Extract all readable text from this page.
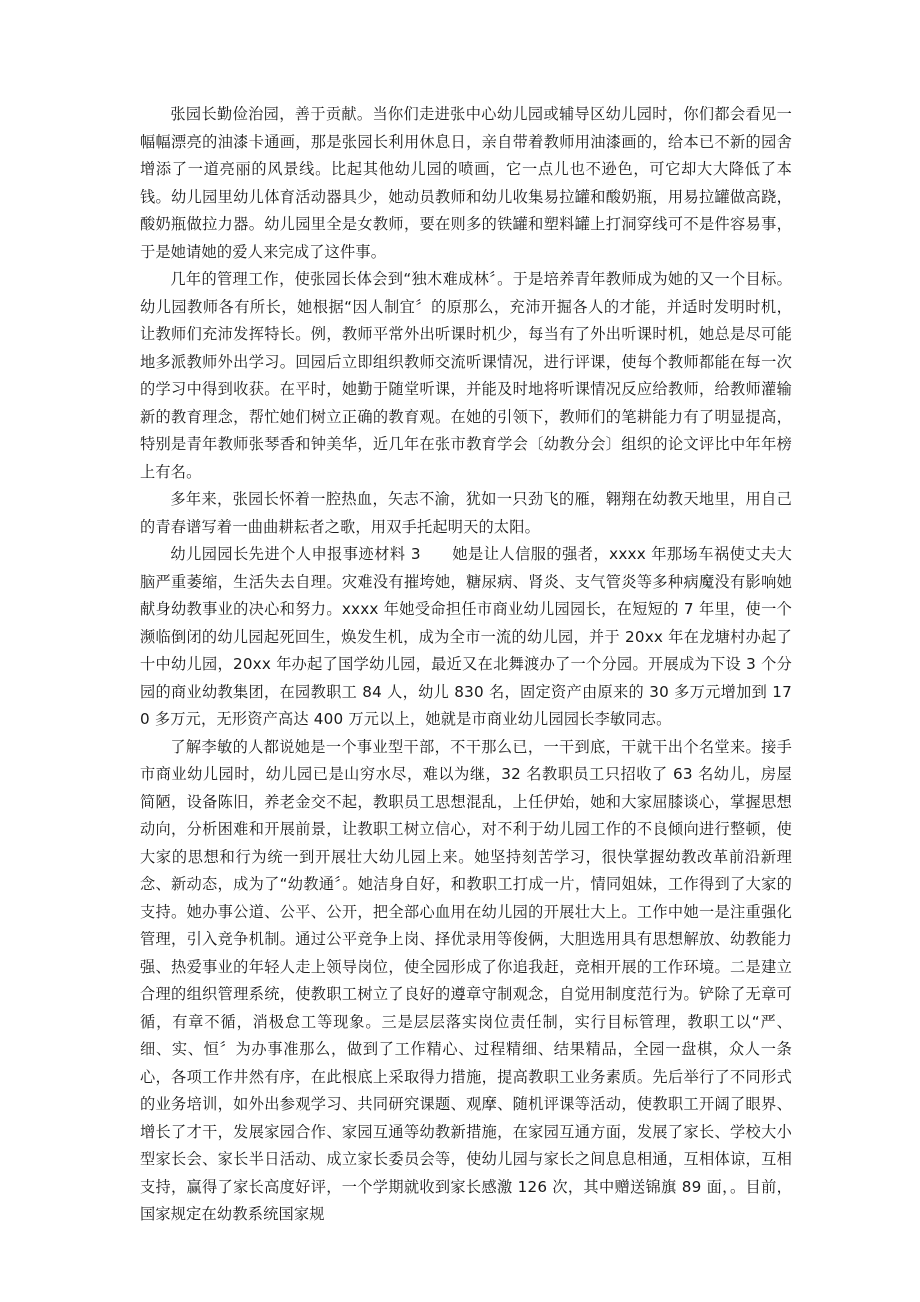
张园长勤俭治园，善于贡献。当你们走进张中心幼儿园或辅导区幼儿园时，你们都会看见一幅幅漂亮的油漆卡通画，那是张园长利用休息日，亲自带着教师用油漆画的，给本已不新的园舍增添了一道亮丽的风景线。比起其他幼儿园的喷画，它一点儿也不逊色，可它却大大降低了本钱。幼儿园里幼儿体育活动器具少，她动员教师和幼儿收集易拉罐和酸奶瓶，用易拉罐做高跷，酸奶瓶做拉力器。幼儿园里全是女教师，要在则多的铁罐和塑料罐上打洞穿线可不是件容易事，于是她请她的爱人来完成了这件事。

几年的管理工作，使张园长体会到“独木难成林〞。于是培养青年教师成为她的又一个目标。幼儿园教师各有所长，她根据“因人制宜〞的原那么，充沛开掘各人的才能，并适时发明时机，让教师们充沛发挥特长。例，教师平常外出听课时机少，每当有了外出听课时机，她总是尽可能地多派教师外出学习。回园后立即组织教师交流听课情况，进行评课，使每个教师都能在每一次的学习中得到收获。在平时，她勤于随堂听课，并能及时地将听课情况反应给教师，给教师灌输新的教育理念，帮忙她们树立正确的教育观。在她的引领下，教师们的笔耕能力有了明显提高，特别是青年教师张琴香和钟美华，近几年在张市教育学会〔幼教分会〕组织的论文评比中年年榜上有名。

多年来，张园长怀着一腔热血，矢志不渝，犹如一只劲飞的雁，翱翔在幼教天地里，用自己的青春谱写着一曲曲耕耘者之歌，用双手托起明天的太阳。

幼儿园园长先进个人申报事迹材料 3　　她是让人信服的强者，xxxx 年那场车祸使丈夫大脑严重萎缩，生活失去自理。灾难没有摧垮她，糖尿病、肾炎、支气管炎等多种病魔没有影响她献身幼教事业的决心和努力。xxxx 年她受命担任市商业幼儿园园长，在短短的 7 年里，使一个濒临倒闭的幼儿园起死回生，焕发生机，成为全市一流的幼儿园，并于 20xx 年在龙塘村办起了十中幼儿园，20xx 年办起了国学幼儿园，最近又在北舞渡办了一个分园。开展成为下设 3 个分园的商业幼教集团，在园教职工 84 人，幼儿 830 名，固定资产由原来的 30 多万元增加到 170 多万元，无形资产高达 400 万元以上，她就是市商业幼儿园园长李敏同志。

了解李敏的人都说她是一个事业型干部，不干那么已，一干到底，干就干出个名堂来。接手市商业幼儿园时，幼儿园已是山穷水尽，难以为继，32 名教职员工只招收了 63 名幼儿，房屋简陋，设备陈旧，养老金交不起，教职员工思想混乱，上任伊始，她和大家屈膝谈心，掌握思想动向，分析困难和开展前景，让教职工树立信心，对不利于幼儿园工作的不良倾向进行整顿，使大家的思想和行为统一到开展壮大幼儿园上来。她坚持刻苦学习，很快掌握幼教改革前沿新理念、新动态，成为了“幼教通〞。她洁身自好，和教职工打成一片，情同姐妹，工作得到了大家的支持。她办事公道、公平、公开，把全部心血用在幼儿园的开展壮大上。工作中她一是注重强化管理，引入竞争机制。通过公平竞争上岗、择优录用等俊俩，大胆选用具有思想解放、幼教能力强、热爱事业的年轻人走上领导岗位，使全园形成了你追我赶，竞相开展的工作环境。二是建立合理的组织管理系统，使教职工树立了良好的遵章守制观念，自觉用制度范行为。铲除了无章可循，有章不循，消极怠工等现象。三是层层落实岗位责任制，实行目标管理，教职工以“严、细、实、恒〞为办事准那么，做到了工作精心、过程精细、结果精品，全园一盘棋，众人一条心，各项工作井然有序，在此根底上采取得力措施，提高教职工业务素质。先后举行了不同形式的业务培训，如外出参观学习、共同研究课题、观摩、随机评课等活动，使教职工开阔了眼界、增长了才干，发展家园合作、家园互通等幼教新措施，在家园互通方面，发展了家长、学校大小型家长会、家长半日活动、成立家长委员会等，使幼儿园与家长之间息息相通，互相体谅，互相支持，赢得了家长高度好评，一个学期就收到家长感激 126 次，其中赠送锦旗 89 面，。目前，国家规定在幼教系统国家规
